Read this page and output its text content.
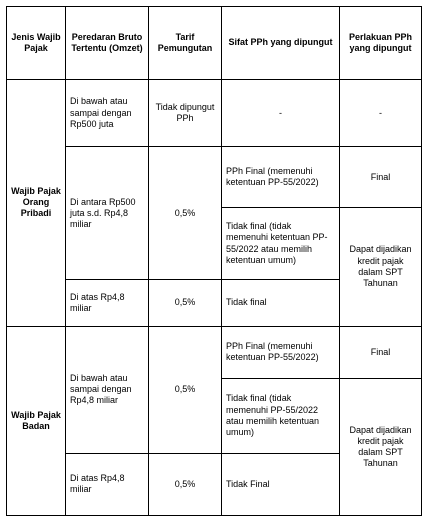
Jenis Wajib Pajak	Peredaran Bruto Tertentu (Omzet)	Tarif Pemungutan	Sifat PPh yang dipungut	Perlakuan PPh yang dipungut
Wajib Pajak Orang Pribadi	Di bawah atau sampai dengan Rp500 juta	Tidak dipungut PPh	-	-
	Di antara Rp500 juta s.d. Rp4,8 miliar	0,5%	PPh Final (memenuhi ketentuan PP-55/2022)	Final
			Tidak final (tidak memenuhi ketentuan PP-55/2022 atau memilih ketentuan umum)	Dapat dijadikan kredit pajak dalam SPT Tahunan

	Di atas Rp4,8 miliar	0,5%	Tidak final	
Wajib Pajak Badan	Di bawah atau sampai dengan Rp4,8 miliar	0,5%	PPh Final (memenuhi ketentuan PP-55/2022)	Final
			Tidak final (tidak memenuhi PP-55/2022 atau memilih ketentuan umum)	Dapat dijadikan kredit pajak dalam SPT Tahunan

	Di atas Rp4,8 miliar	0,5%	Tidak Final	
